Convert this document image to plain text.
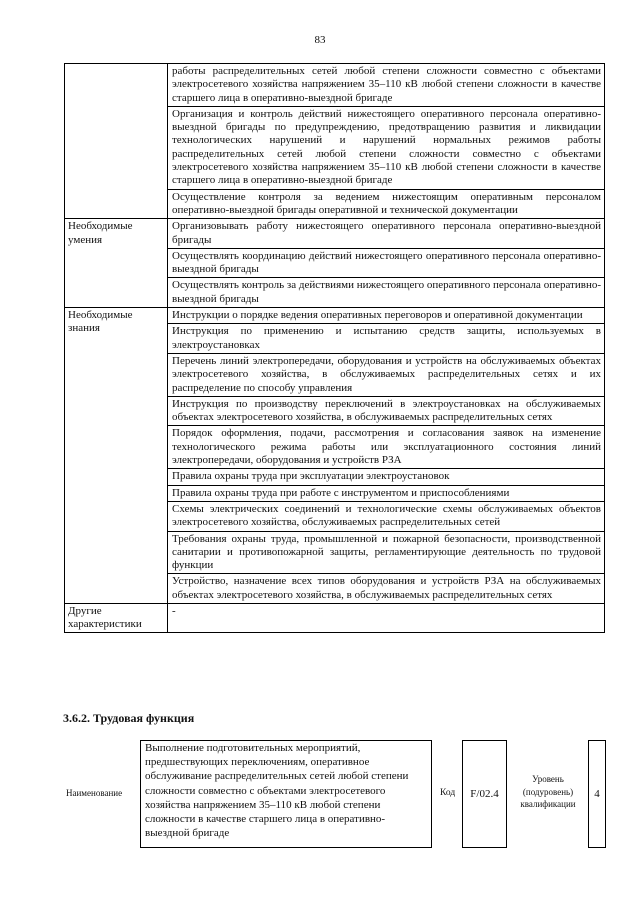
83
	работы распределительных сетей любой степени сложности совместно с объектами электросетевого хозяйства напряжением 35–110 кВ любой степени сложности в качестве старшего лица в оперативно-выездной бригаде
	Организация и контроль действий нижестоящего оперативного персонала оперативно-выездной бригады по предупреждению, предотвращению развития и ликвидации технологических нарушений и нарушений нормальных режимов работы распределительных сетей любой степени сложности совместно с объектами электросетевого хозяйства напряжением 35–110 кВ любой степени сложности в качестве старшего лица в оперативно-выездной бригаде
	Осуществление контроля за ведением нижестоящим оперативным персоналом оперативно-выездной бригады оперативной и технической документации
Необходимые умения	Организовывать работу нижестоящего оперативного персонала оперативно-выездной бригады
	Осуществлять координацию действий нижестоящего оперативного персонала оперативно-выездной бригады
	Осуществлять контроль за действиями нижестоящего оперативного персонала оперативно-выездной бригады
Необходимые знания	Инструкции о порядке ведения оперативных переговоров и оперативной документации
	Инструкция по применению и испытанию средств защиты, используемых в электроустановках
	Перечень линий электропередачи, оборудования и устройств на обслуживаемых объектах электросетевого хозяйства, в обслуживаемых распределительных сетях и их распределение по способу управления
	Инструкция по производству переключений в электроустановках на обслуживаемых объектах электросетевого хозяйства, в обслуживаемых распределительных сетях
	Порядок оформления, подачи, рассмотрения и согласования заявок на изменение технологического режима работы или эксплуатационного состояния линий электропередачи, оборудования и устройств РЗА
	Правила охраны труда при эксплуатации электроустановок
	Правила охраны труда при работе с инструментом и приспособлениями
	Схемы электрических соединений и технологические схемы обслуживаемых объектов электросетевого хозяйства, обслуживаемых распределительных сетей
	Требования охраны труда, промышленной и пожарной безопасности, производственной санитарии и противопожарной защиты, регламентирующие деятельность по трудовой функции
	Устройство, назначение всех типов оборудования и устройств РЗА на обслуживаемых объектах электросетевого хозяйства, в обслуживаемых распределительных сетях
Другие характеристики	-
3.6.2. Трудовая функция
Наименование
Выполнение подготовительных мероприятий, предшествующих переключениям, оперативное обслуживание распределительных сетей любой степени сложности совместно с объектами электросетевого хозяйства напряжением 35–110 кВ любой степени сложности в качестве старшего лица в оперативно-выездной бригаде
Код	F/02.4
Уровень (подуровень) квалификации
4
